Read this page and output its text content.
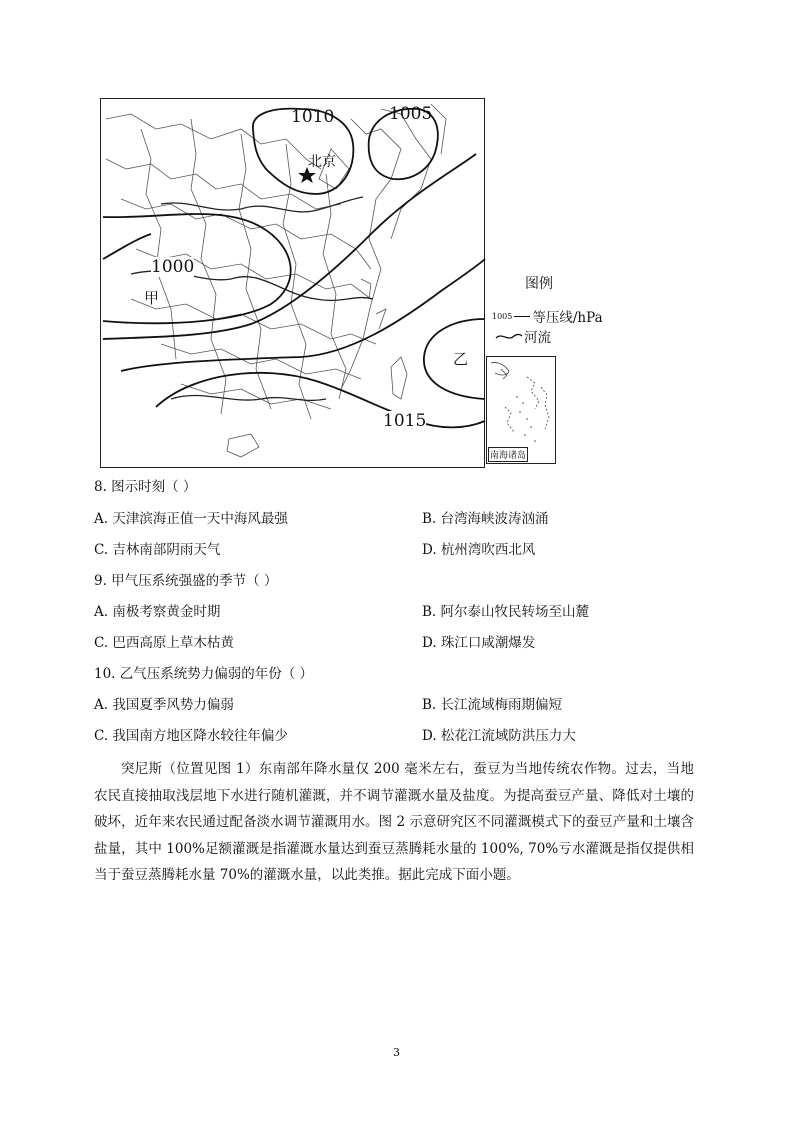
1010	1005
1000
1015
北京
甲
乙
图例
1005 等压线/hPa
河流
南海诸岛
8. 图示时刻（ ）
A. 天津滨海正值一天中海风最强	B. 台湾海峡波涛汹涌
C. 吉林南部阴雨天气	D. 杭州湾吹西北风
9. 甲气压系统强盛的季节（ ）
A. 南极考察黄金时期	B. 阿尔泰山牧民转场至山麓
C. 巴西高原上草木枯黄	D. 珠江口咸潮爆发
10. 乙气压系统势力偏弱的年份（ ）
A. 我国夏季风势力偏弱	B. 长江流域梅雨期偏短
C. 我国南方地区降水较往年偏少	D. 松花江流域防洪压力大

突尼斯（位置见图 1）东南部年降水量仅 200 毫米左右，蚕豆为当地传统农作物。过去，当地农民直接抽取浅层地下水进行随机灌溉，并不调节灌溉水量及盐度。为提高蚕豆产量、降低对土壤的破坏，近年来农民通过配备淡水调节灌溉用水。图 2 示意研究区不同灌溉模式下的蚕豆产量和土壤含盐量，其中 100%足额灌溉是指灌溉水量达到蚕豆蒸腾耗水量的 100%, 70%亏水灌溉是指仅提供相当于蚕豆蒸腾耗水量 70%的灌溉水量，以此类推。据此完成下面小题。

3
